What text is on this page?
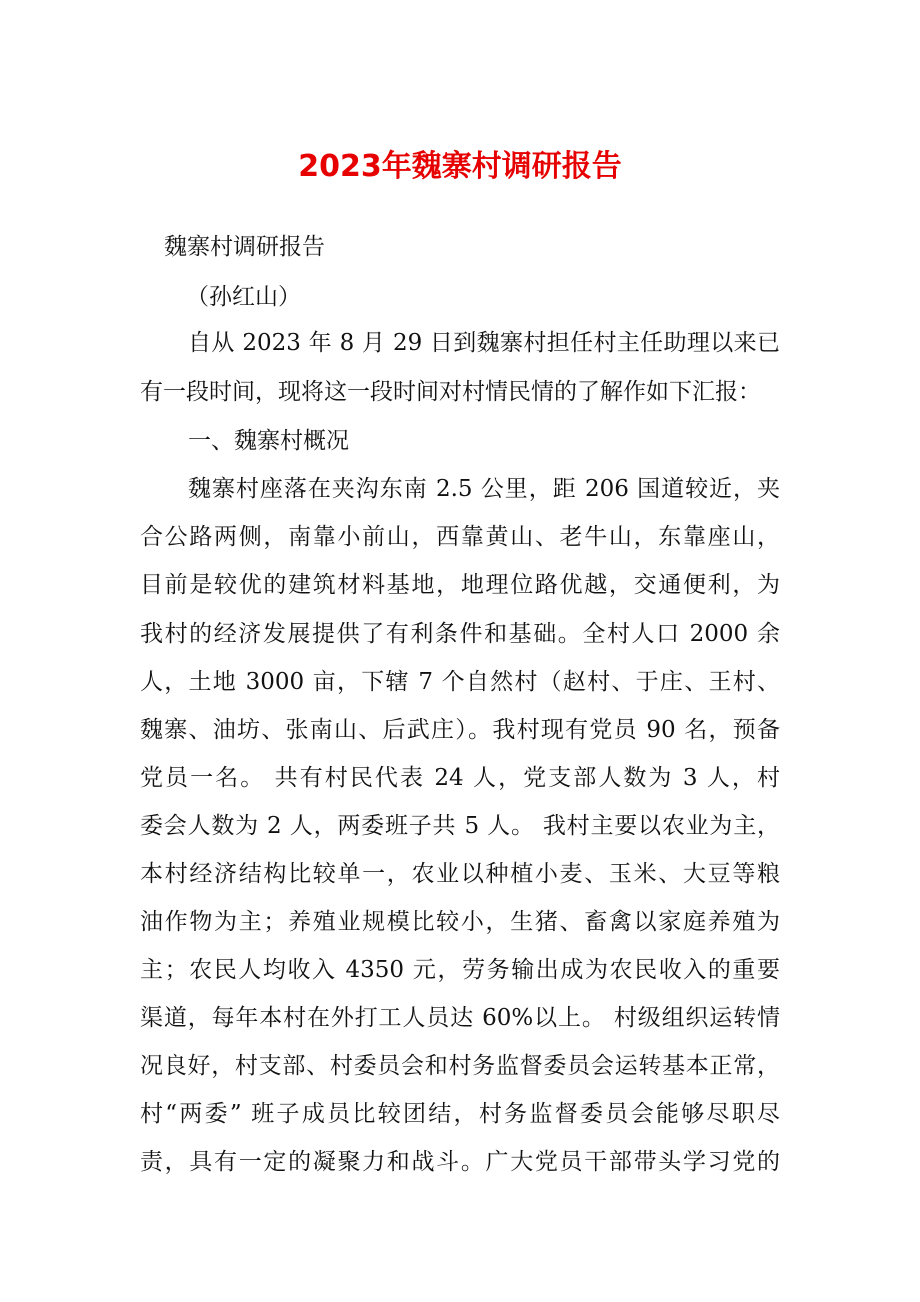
2023年魏寨村调研报告
魏寨村调研报告
（孙红山）
自从 2023 年 8 月 29 日到魏寨村担任村主任助理以来已
有一段时间，现将这一段时间对村情民情的了解作如下汇报：
一、魏寨村概况
魏寨村座落在夹沟东南 2.5 公里，距 206 国道较近，夹
合公路两侧，南靠小前山，西靠黄山、老牛山，东靠座山，
目前是较优的建筑材料基地，地理位路优越，交通便利，为
我村的经济发展提供了有利条件和基础。全村人口 2000 余
人，土地 3000 亩，下辖 7 个自然村（赵村、于庄、王村、
魏寨、油坊、张南山、后武庄）。我村现有党员 90 名，预备
党员一名。 共有村民代表 24 人，党支部人数为 3 人，村
委会人数为 2 人，两委班子共 5 人。 我村主要以农业为主，
本村经济结构比较单一，农业以种植小麦、玉米、大豆等粮
油作物为主；养殖业规模比较小，生猪、畜禽以家庭养殖为
主；农民人均收入 4350 元，劳务输出成为农民收入的重要
渠道，每年本村在外打工人员达 60%以上。 村级组织运转情
况良好，村支部、村委员会和村务监督委员会运转基本正常，
村“两委” 班子成员比较团结，村务监督委员会能够尽职尽
责，具有一定的凝聚力和战斗。广大党员干部带头学习党的
